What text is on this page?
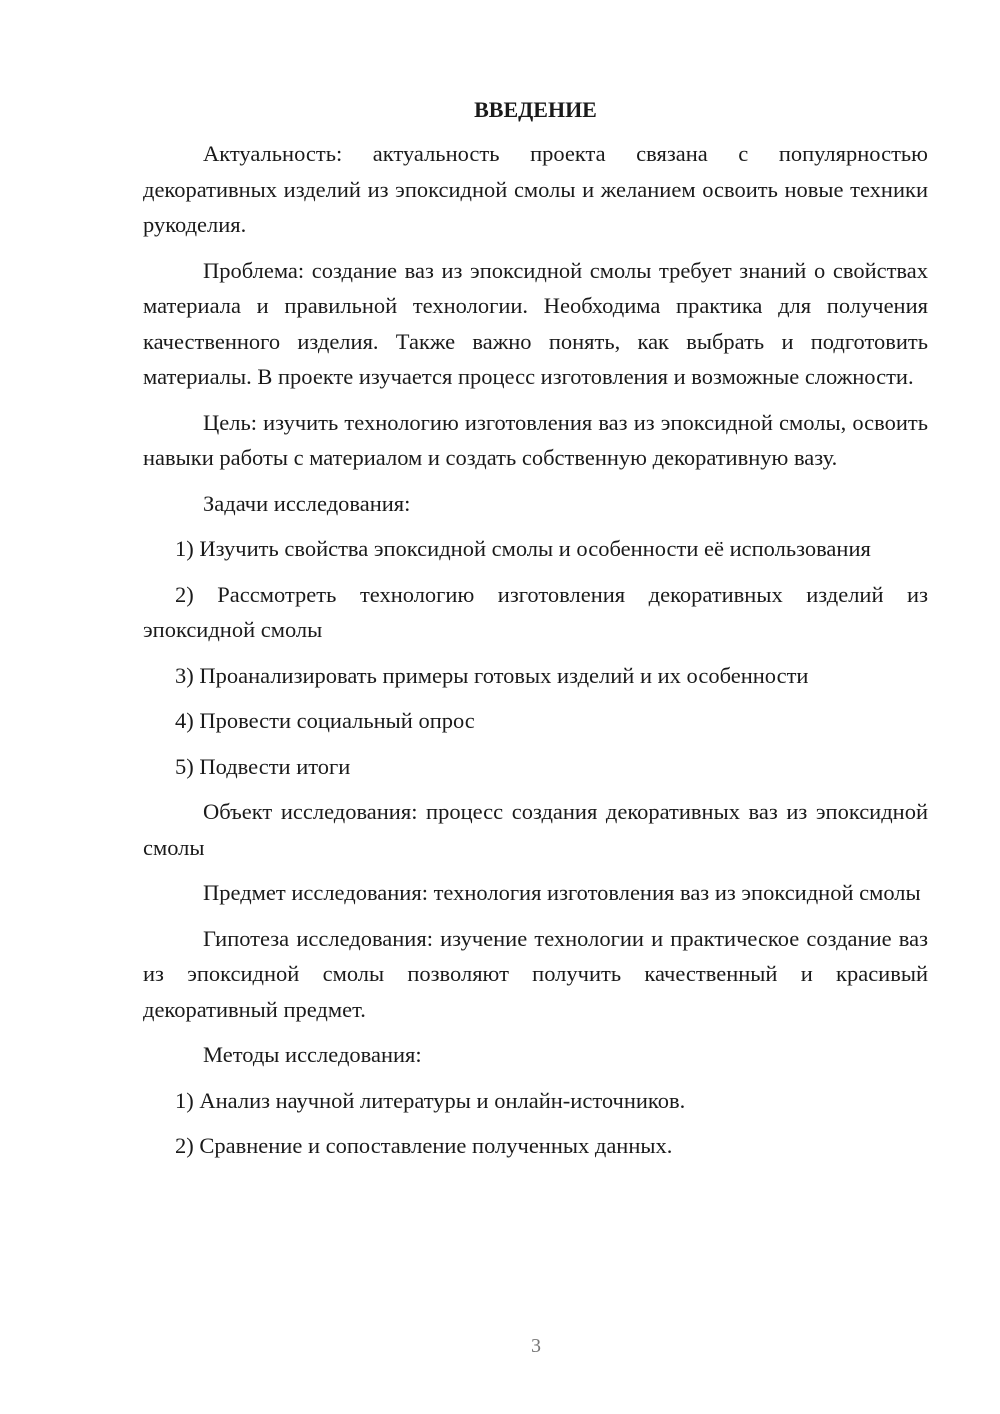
ВВЕДЕНИЕ

Актуальность: актуальность проекта связана с популярностью декоративных изделий из эпоксидной смолы и желанием освоить новые техники рукоделия.

Проблема: создание ваз из эпоксидной смолы требует знаний о свойствах материала и правильной технологии. Необходима практика для получения качественного изделия. Также важно понять, как выбрать и подготовить материалы. В проекте изучается процесс изготовления и возможные сложности.

Цель: изучить технологию изготовления ваз из эпоксидной смолы, освоить навыки работы с материалом и создать собственную декоративную вазу.

Задачи исследования:

1) Изучить свойства эпоксидной смолы и особенности её использования

2) Рассмотреть технологию изготовления декоративных изделий из эпоксидной смолы

3) Проанализировать примеры готовых изделий и их особенности

4) Провести социальный опрос

5) Подвести итоги

Объект исследования: процесс создания декоративных ваз из эпоксидной смолы

Предмет исследования: технология изготовления ваз из эпоксидной смолы

Гипотеза исследования: изучение технологии и практическое создание ваз из эпоксидной смолы позволяют получить качественный и красивый декоративный предмет.

Методы исследования:

1) Анализ научной литературы и онлайн-источников.

2) Сравнение и сопоставление полученных данных.

3
